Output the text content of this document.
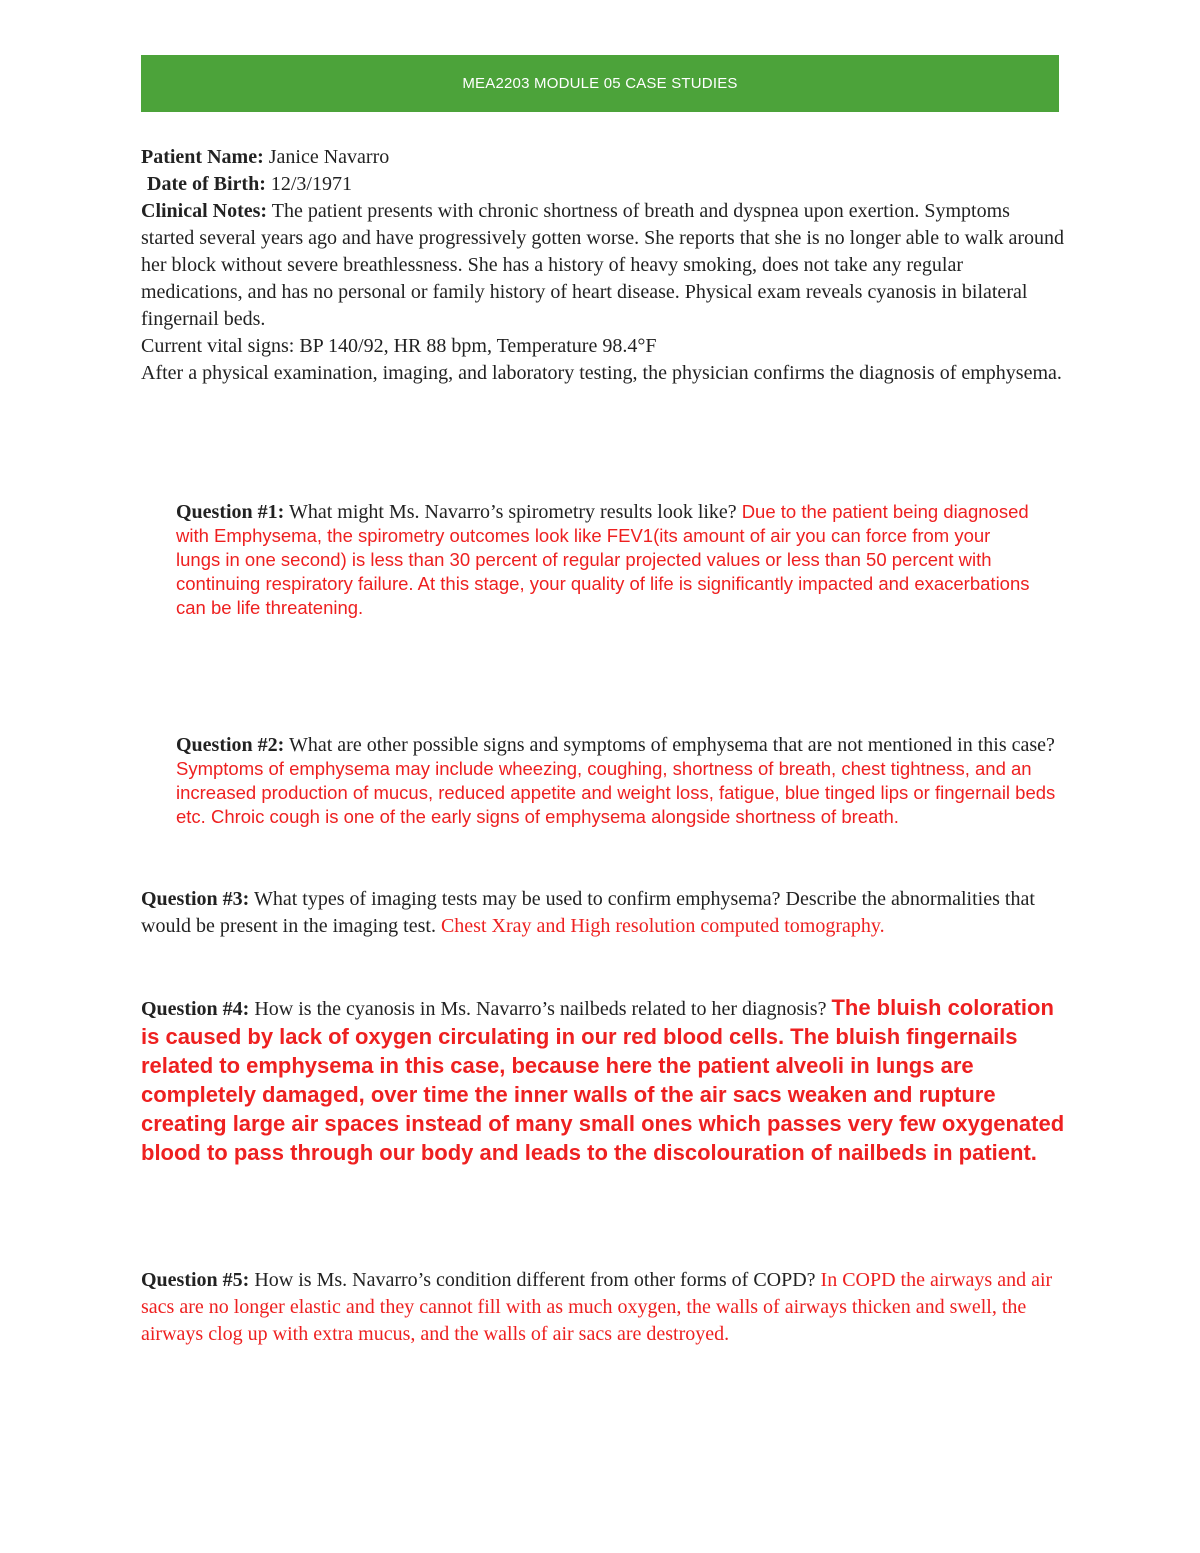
MEA2203 MODULE 05 CASE STUDIES
Patient Name: Janice Navarro
Date of Birth: 12/3/1971
Clinical Notes: The patient presents with chronic shortness of breath and dyspnea upon exertion. Symptoms started several years ago and have progressively gotten worse. She reports that she is no longer able to walk around her block without severe breathlessness. She has a history of heavy smoking, does not take any regular medications, and has no personal or family history of heart disease. Physical exam reveals cyanosis in bilateral fingernail beds.
Current vital signs: BP 140/92, HR 88 bpm, Temperature 98.4°F
After a physical examination, imaging, and laboratory testing, the physician confirms the diagnosis of emphysema.
Question #1: What might Ms. Navarro’s spirometry results look like? Due to the patient being diagnosed with Emphysema, the spirometry outcomes look like FEV1(its amount of air you can force from your lungs in one second) is less than 30 percent of regular projected values or less than 50 percent with continuing respiratory failure. At this stage, your quality of life is significantly impacted and exacerbations can be life threatening.
Question #2: What are other possible signs and symptoms of emphysema that are not mentioned in this case? Symptoms of emphysema may include wheezing, coughing, shortness of breath, chest tightness, and an increased production of mucus, reduced appetite and weight loss, fatigue, blue tinged lips or fingernail beds etc. Chroic cough is one of the early signs of emphysema alongside shortness of breath.
Question #3: What types of imaging tests may be used to confirm emphysema? Describe the abnormalities that would be present in the imaging test. Chest Xray and High resolution computed tomography.
Question #4: How is the cyanosis in Ms. Navarro’s nailbeds related to her diagnosis? The bluish coloration is caused by lack of oxygen circulating in our red blood cells. The bluish fingernails related to emphysema in this case, because here the patient alveoli in lungs are completely damaged, over time the inner walls of the air sacs weaken and rupture creating large air spaces instead of many small ones which passes very few oxygenated blood to pass through our body and leads to the discolouration of nailbeds in patient.
Question #5: How is Ms. Navarro’s condition different from other forms of COPD? In COPD the airways and air sacs are no longer elastic and they cannot fill with as much oxygen, the walls of airways thicken and swell, the airways clog up with extra mucus, and the walls of air sacs are destroyed.
